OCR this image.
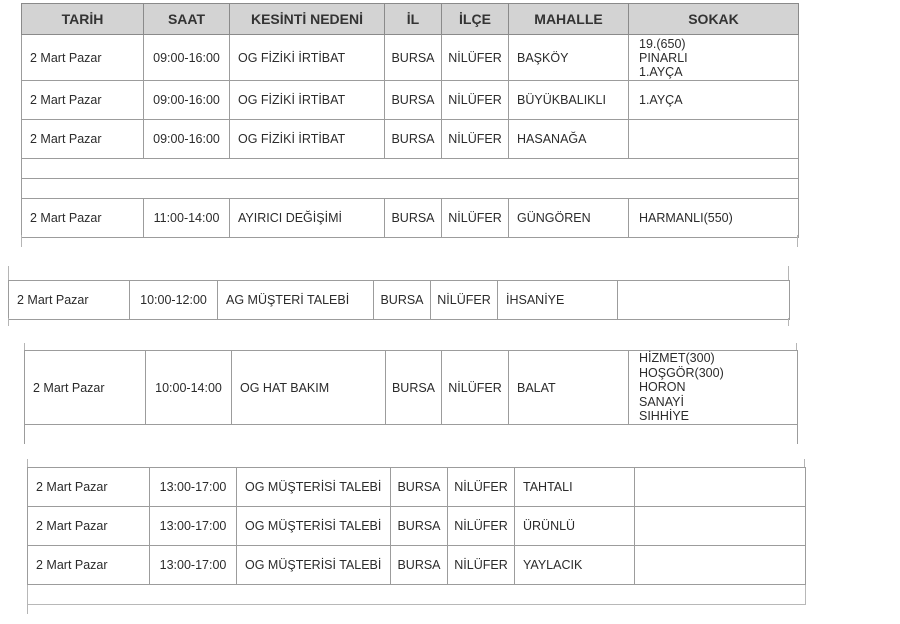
TARİH	SAAT	KESİNTİ NEDENİ	İL	İLÇE	MAHALLE	SOKAK
2 Mart Pazar	09:00-16:00	OG FİZİKİ İRTİBAT	BURSA	NİLÜFER	BAŞKÖY	19.(650)
PINARLI
1.AYÇA

2 Mart Pazar	09:00-16:00	OG FİZİKİ İRTİBAT	BURSA	NİLÜFER	BÜYÜKBALIKLI	1.AYÇA

2 Mart Pazar	09:00-16:00	OG FİZİKİ İRTİBAT	BURSA	NİLÜFER	HASANAĞA	

2 Mart Pazar	11:00-14:00	AYIRICI DEĞİŞİMİ	BURSA	NİLÜFER	GÜNGÖREN	HARMANLI(550)
2 Mart Pazar	10:00-12:00	AG MÜŞTERİ TALEBİ	BURSA	NİLÜFER	İHSANİYE	
2 Mart Pazar	10:00-14:00	OG HAT BAKIM	BURSA	NİLÜFER	BALAT	
HİZMET(300)
HOŞGÖR(300)
HORON
SANAYİ
SIHHİYE

2 Mart Pazar	13:00-17:00	OG MÜŞTERİSİ TALEBİ	BURSA	NİLÜFER	TAHTALI	
2 Mart Pazar	13:00-17:00	OG MÜŞTERİSİ TALEBİ	BURSA	NİLÜFER	ÜRÜNLÜ	
2 Mart Pazar	13:00-17:00	OG MÜŞTERİSİ TALEBİ	BURSA	NİLÜFER	YAYLACIK	
